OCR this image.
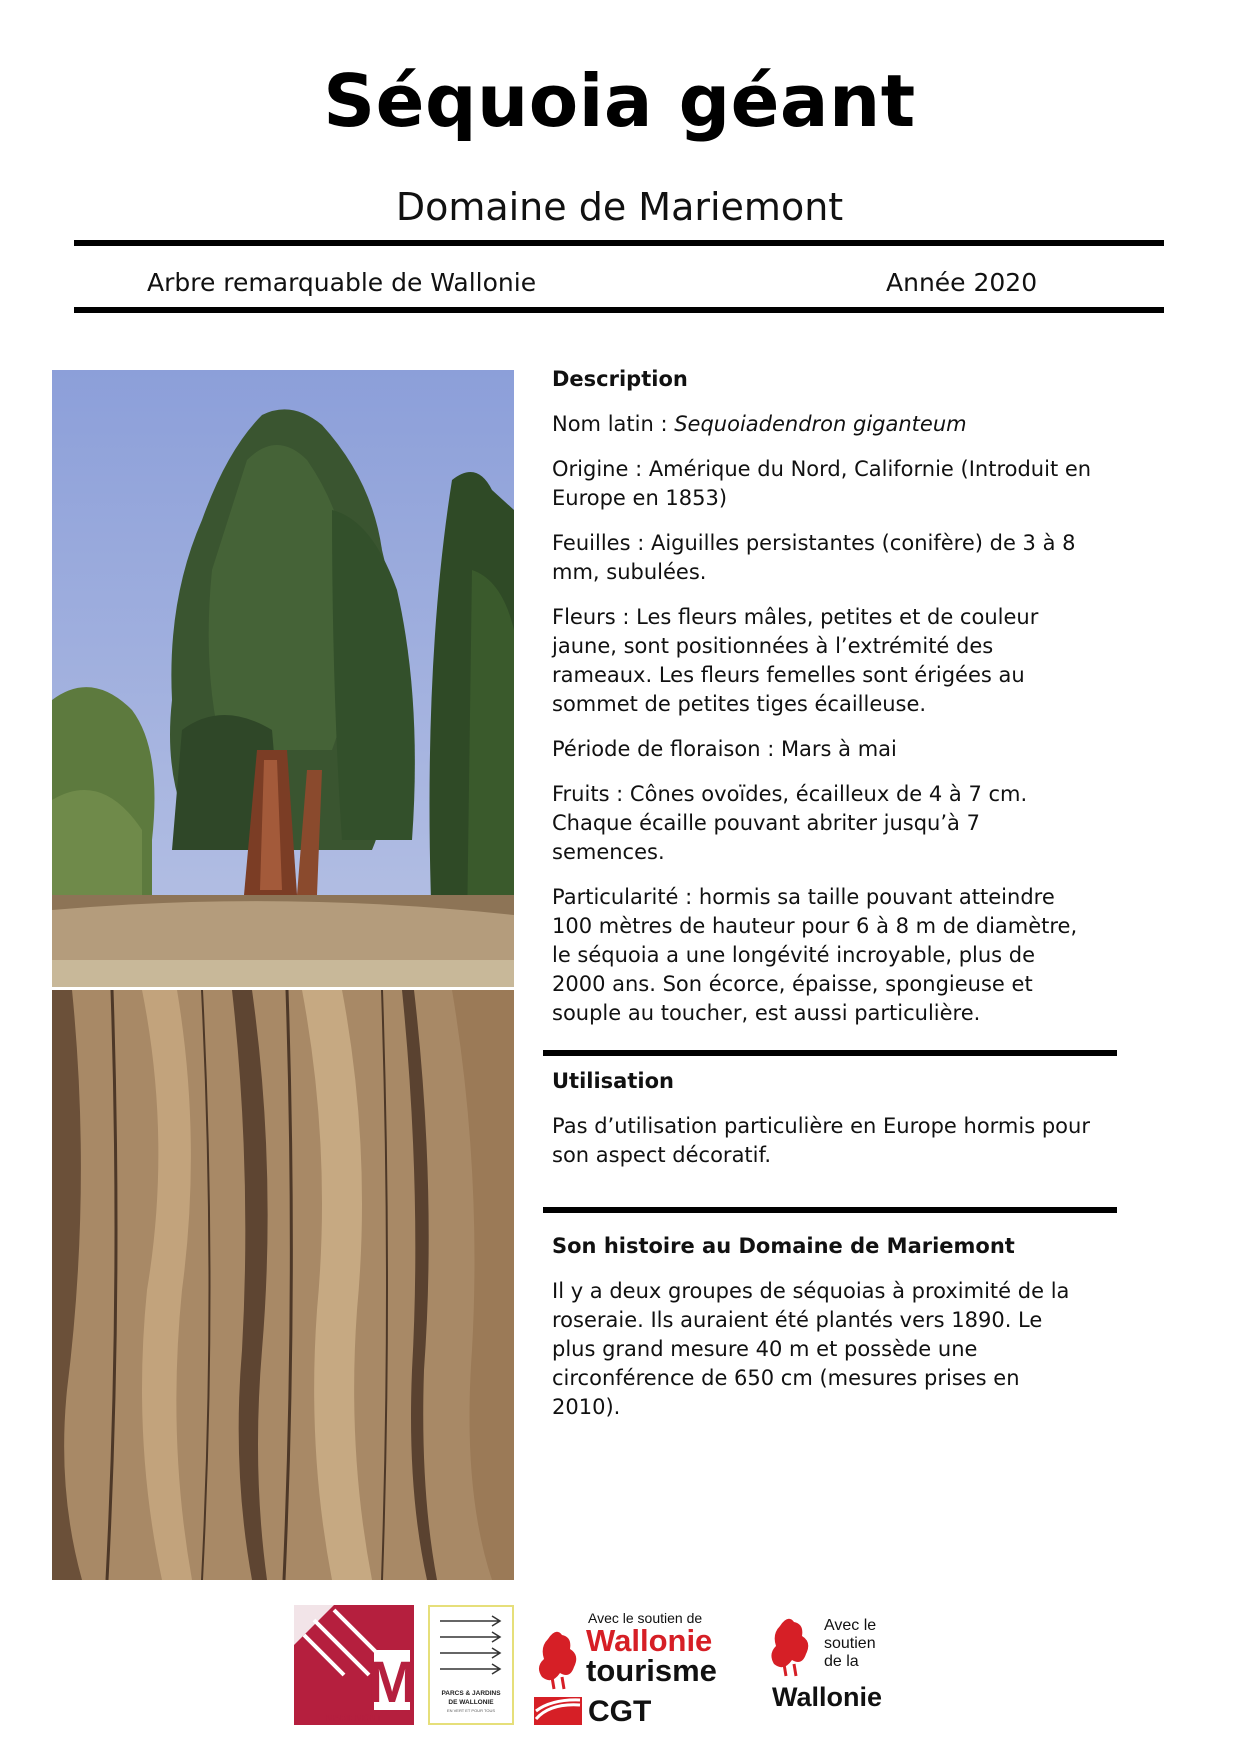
Séquoia géant
Domaine de Mariemont
Arbre remarquable de Wallonie	Année 2020
Description

Nom latin : Sequoiadendron giganteum

Origine : Amérique du Nord, Californie (Introduit en Europe en 1853)

Feuilles : Aiguilles persistantes (conifère) de 3 à 8 mm, subulées.

Fleurs : Les fleurs mâles, petites et de couleur jaune, sont positionnées à l’extrémité des rameaux. Les fleurs femelles sont érigées au sommet de petites tiges écailleuse.

Période de floraison : Mars à mai

Fruits : Cônes ovoïdes, écailleux de 4 à 7 cm. Chaque écaille pouvant abriter jusqu’à 7 semences.

Particularité : hormis sa taille pouvant atteindre 100 mètres de hauteur pour 6 à 8 m de diamètre, le séquoia a une longévité incroyable, plus de 2000 ans. Son écorce, épaisse, spongieuse et souple au toucher, est aussi particulière.

Utilisation

Pas d’utilisation particulière en Europe hormis pour son aspect décoratif.

Son histoire au Domaine de Mariemont

Il y a deux groupes de séquoias à proximité de la roseraie. Ils auraient été plantés vers 1890. Le plus grand mesure 40 m et possède une circonférence de 650 cm (mesures prises en 2010).

M
MARIEMONT
PARCS & JARDINS
DE WALLONIE
EN VERT ET POUR TOUS
Avec le soutien de
Wallonie
tourisme
CGT
Avec le
soutien
de la
Wallonie
